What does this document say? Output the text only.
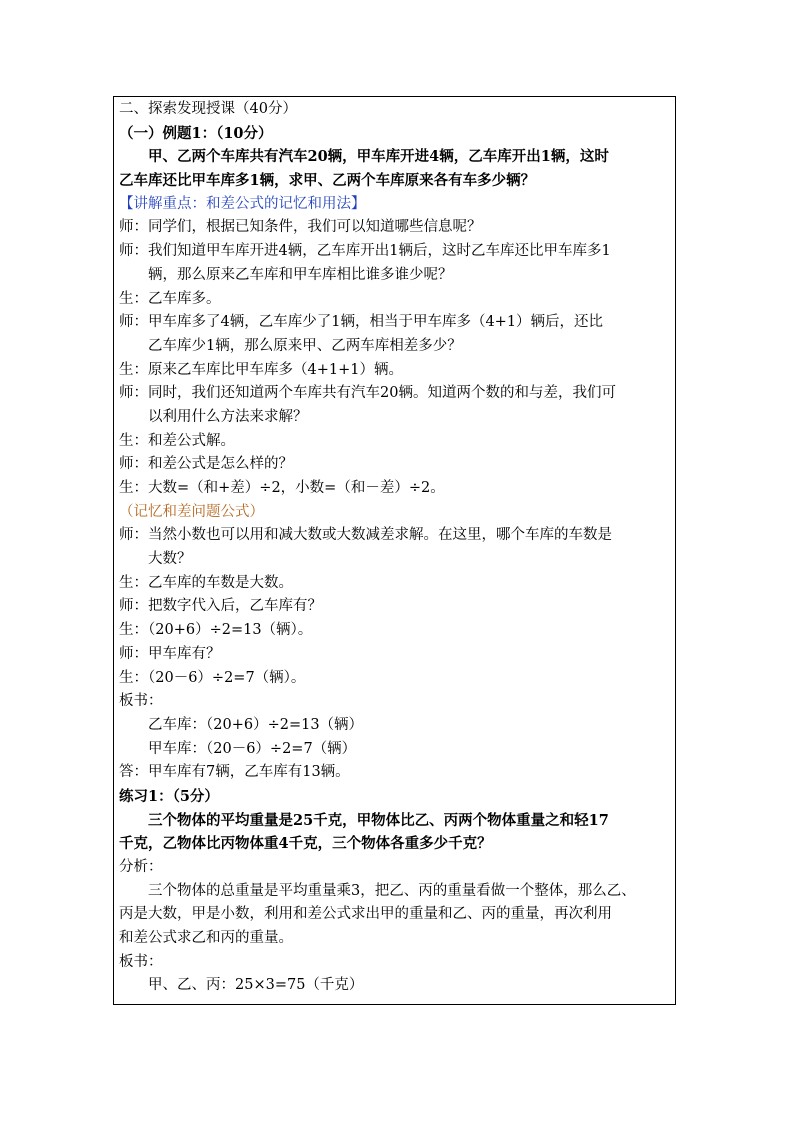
二、探索发现授课（40分）
（一）例题1：（10分）
甲、乙两个车库共有汽车20辆，甲车库开进4辆，乙车库开出1辆，这时
乙车库还比甲车库多1辆，求甲、乙两个车库原来各有车多少辆？
【讲解重点：和差公式的记忆和用法】
师：同学们，根据已知条件，我们可以知道哪些信息呢？
师：我们知道甲车库开进4辆，乙车库开出1辆后，这时乙车库还比甲车库多1
辆，那么原来乙车库和甲车库相比谁多谁少呢？
生：乙车库多。
师：甲车库多了4辆，乙车库少了1辆，相当于甲车库多（4+1）辆后，还比
乙车库少1辆，那么原来甲、乙两车库相差多少？
生：原来乙车库比甲车库多（4+1+1）辆。
师：同时，我们还知道两个车库共有汽车20辆。知道两个数的和与差，我们可
以利用什么方法来求解？
生：和差公式解。
师：和差公式是怎么样的？
生：大数=（和+差）÷2，小数=（和－差）÷2。
（记忆和差问题公式）
师：当然小数也可以用和减大数或大数减差求解。在这里，哪个车库的车数是
大数？
生：乙车库的车数是大数。
师：把数字代入后，乙车库有？
生：（20+6）÷2=13（辆）。
师：甲车库有？
生：（20－6）÷2=7（辆）。
板书：
乙车库：（20+6）÷2=13（辆）
甲车库：（20－6）÷2=7（辆）
答：甲车库有7辆，乙车库有13辆。
练习1：（5分）
三个物体的平均重量是25千克，甲物体比乙、丙两个物体重量之和轻17
千克，乙物体比丙物体重4千克，三个物体各重多少千克？
分析：
三个物体的总重量是平均重量乘3，把乙、丙的重量看做一个整体，那么乙、
丙是大数，甲是小数，利用和差公式求出甲的重量和乙、丙的重量，再次利用
和差公式求乙和丙的重量。
板书：
甲、乙、丙：25×3=75（千克）
